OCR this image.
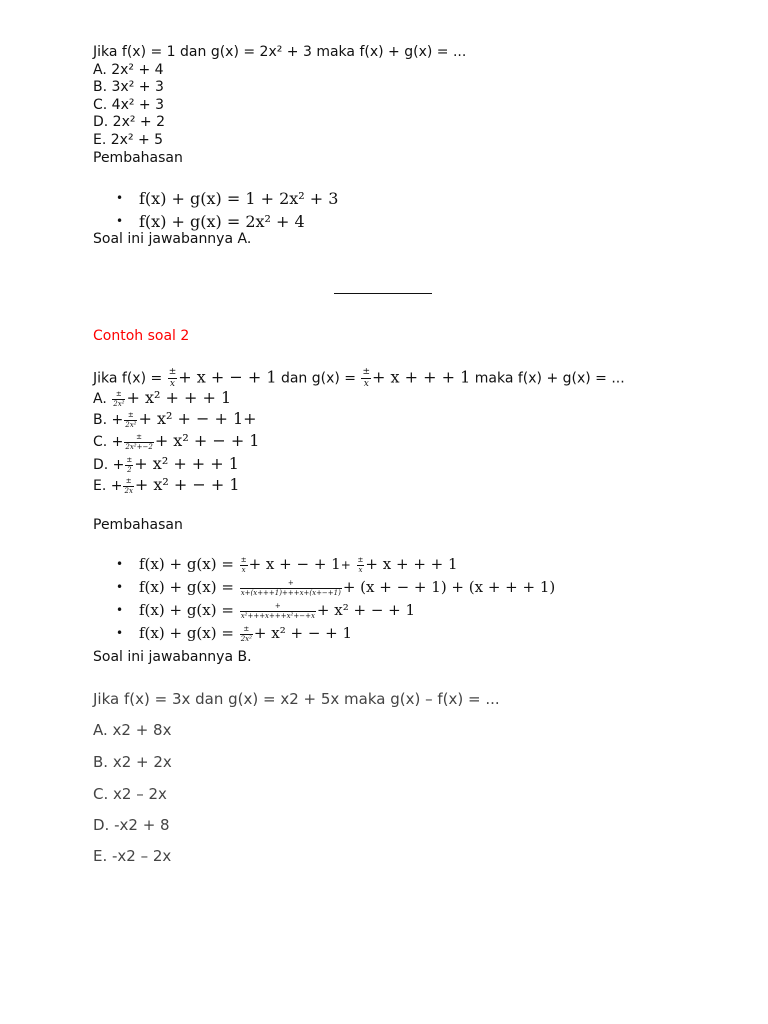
Jika f(x) = 1 dan g(x) = 2x² + 3 maka f(x) + g(x) = ...
A. 2x² + 4
B. 3x² + 3
C. 4x² + 3
D. 2x² + 2
E. 2x² + 5
Pembahasan
• f(x) + g(x) = 1 + 2x² + 3
• f(x) + g(x) = 2x² + 4
Soal ini jawabannya A.
Contoh soal 2
Jika $f(x) = \frac{\pm}{x} + x$ + − + 1 dan $g(x) = \frac{\pm}{x} + x$ + + + 1 maka f(x) + g(x) = ...
A. $\frac{\pm}{\text{2x²}} + x^2$ + + + 1
B. + $\frac{\pm}{\text{2x²}} + x^2$ + − + 1+
C. + $\frac{\pm}{\text{2x²+−2}} + x^2$ + − + 1
D. + $\frac{\pm}{2} + x^2$ + + + 1
E. + $\frac{\pm}{2x} + x^2$ + − + 1
Pembahasan
• $f(x) + g(x) = \frac{\pm}{x} + x$ + − + $1+ \frac{\pm}{x} + x$ + + + 1
• $f(x) + g(x) = \frac{+}{x+(x+++1)+++x+(x+-+1)} + (x$ + − + 1) + (x + + + 1)
• $f(x) + g(x) = \frac{+}{\text{x²+++x+++x²+−+x}} + x^2$ + − + 1
• $f(x) + g(x) = \frac{\pm}{\text{2x²}} + x^2$ + − + 1
Soal ini jawabannya B.
Jika f(x) = 3x dan g(x) = x2 + 5x maka g(x) – f(x) = ...
A. x2 + 8x
B. x2 + 2x
C. x2 – 2x
D. -x2 + 8
E. -x2 – 2x
